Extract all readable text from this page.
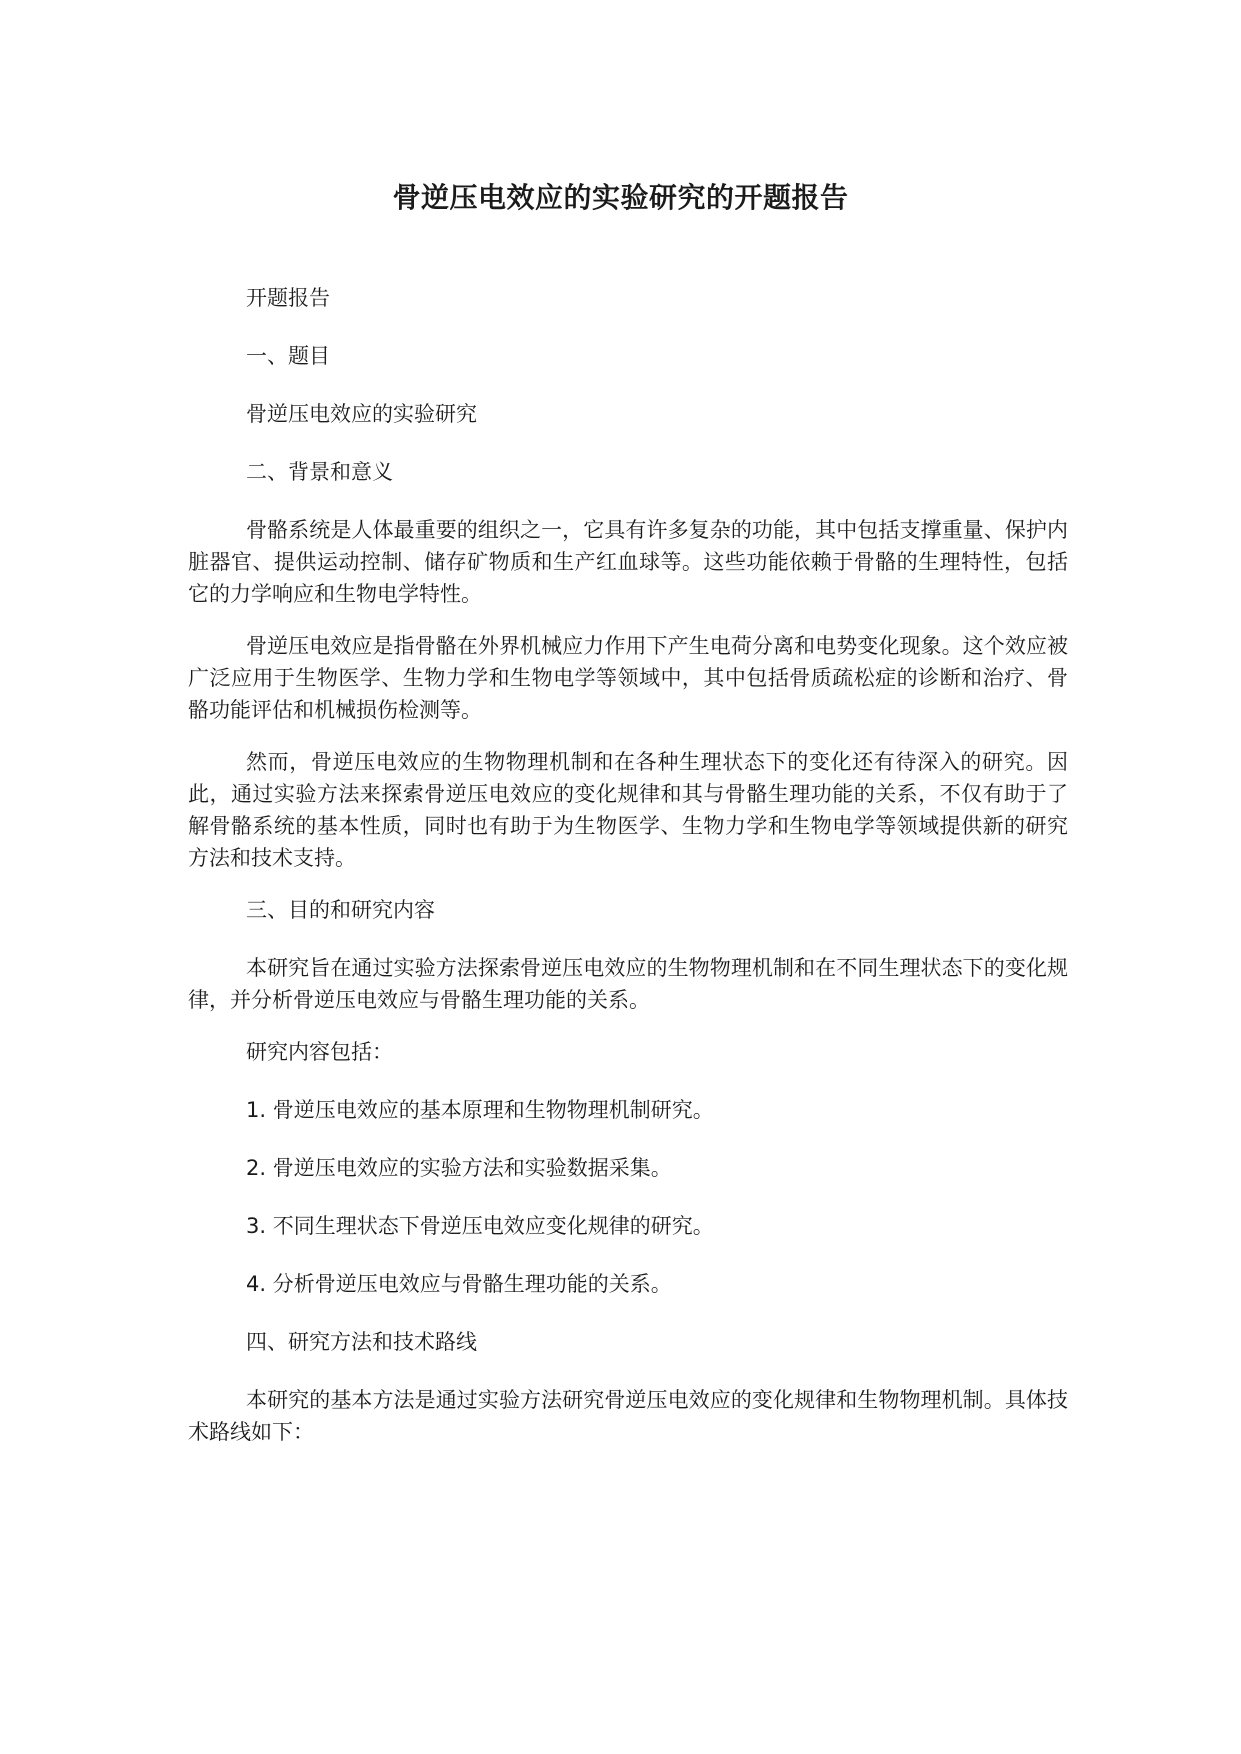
骨逆压电效应的实验研究的开题报告

开题报告

一、题目

骨逆压电效应的实验研究

二、背景和意义

骨骼系统是人体最重要的组织之一，它具有许多复杂的功能，其中包括支撑重量、保护内脏器官、提供运动控制、储存矿物质和生产红血球等。这些功能依赖于骨骼的生理特性，包括它的力学响应和生物电学特性。

骨逆压电效应是指骨骼在外界机械应力作用下产生电荷分离和电势变化现象。这个效应被广泛应用于生物医学、生物力学和生物电学等领域中，其中包括骨质疏松症的诊断和治疗、骨骼功能评估和机械损伤检测等。

然而，骨逆压电效应的生物物理机制和在各种生理状态下的变化还有待深入的研究。因此，通过实验方法来探索骨逆压电效应的变化规律和其与骨骼生理功能的关系，不仅有助于了解骨骼系统的基本性质，同时也有助于为生物医学、生物力学和生物电学等领域提供新的研究方法和技术支持。

三、目的和研究内容

本研究旨在通过实验方法探索骨逆压电效应的生物物理机制和在不同生理状态下的变化规律，并分析骨逆压电效应与骨骼生理功能的关系。

研究内容包括：

1. 骨逆压电效应的基本原理和生物物理机制研究。

2. 骨逆压电效应的实验方法和实验数据采集。

3. 不同生理状态下骨逆压电效应变化规律的研究。

4. 分析骨逆压电效应与骨骼生理功能的关系。

四、研究方法和技术路线

本研究的基本方法是通过实验方法研究骨逆压电效应的变化规律和生物物理机制。具体技术路线如下：
